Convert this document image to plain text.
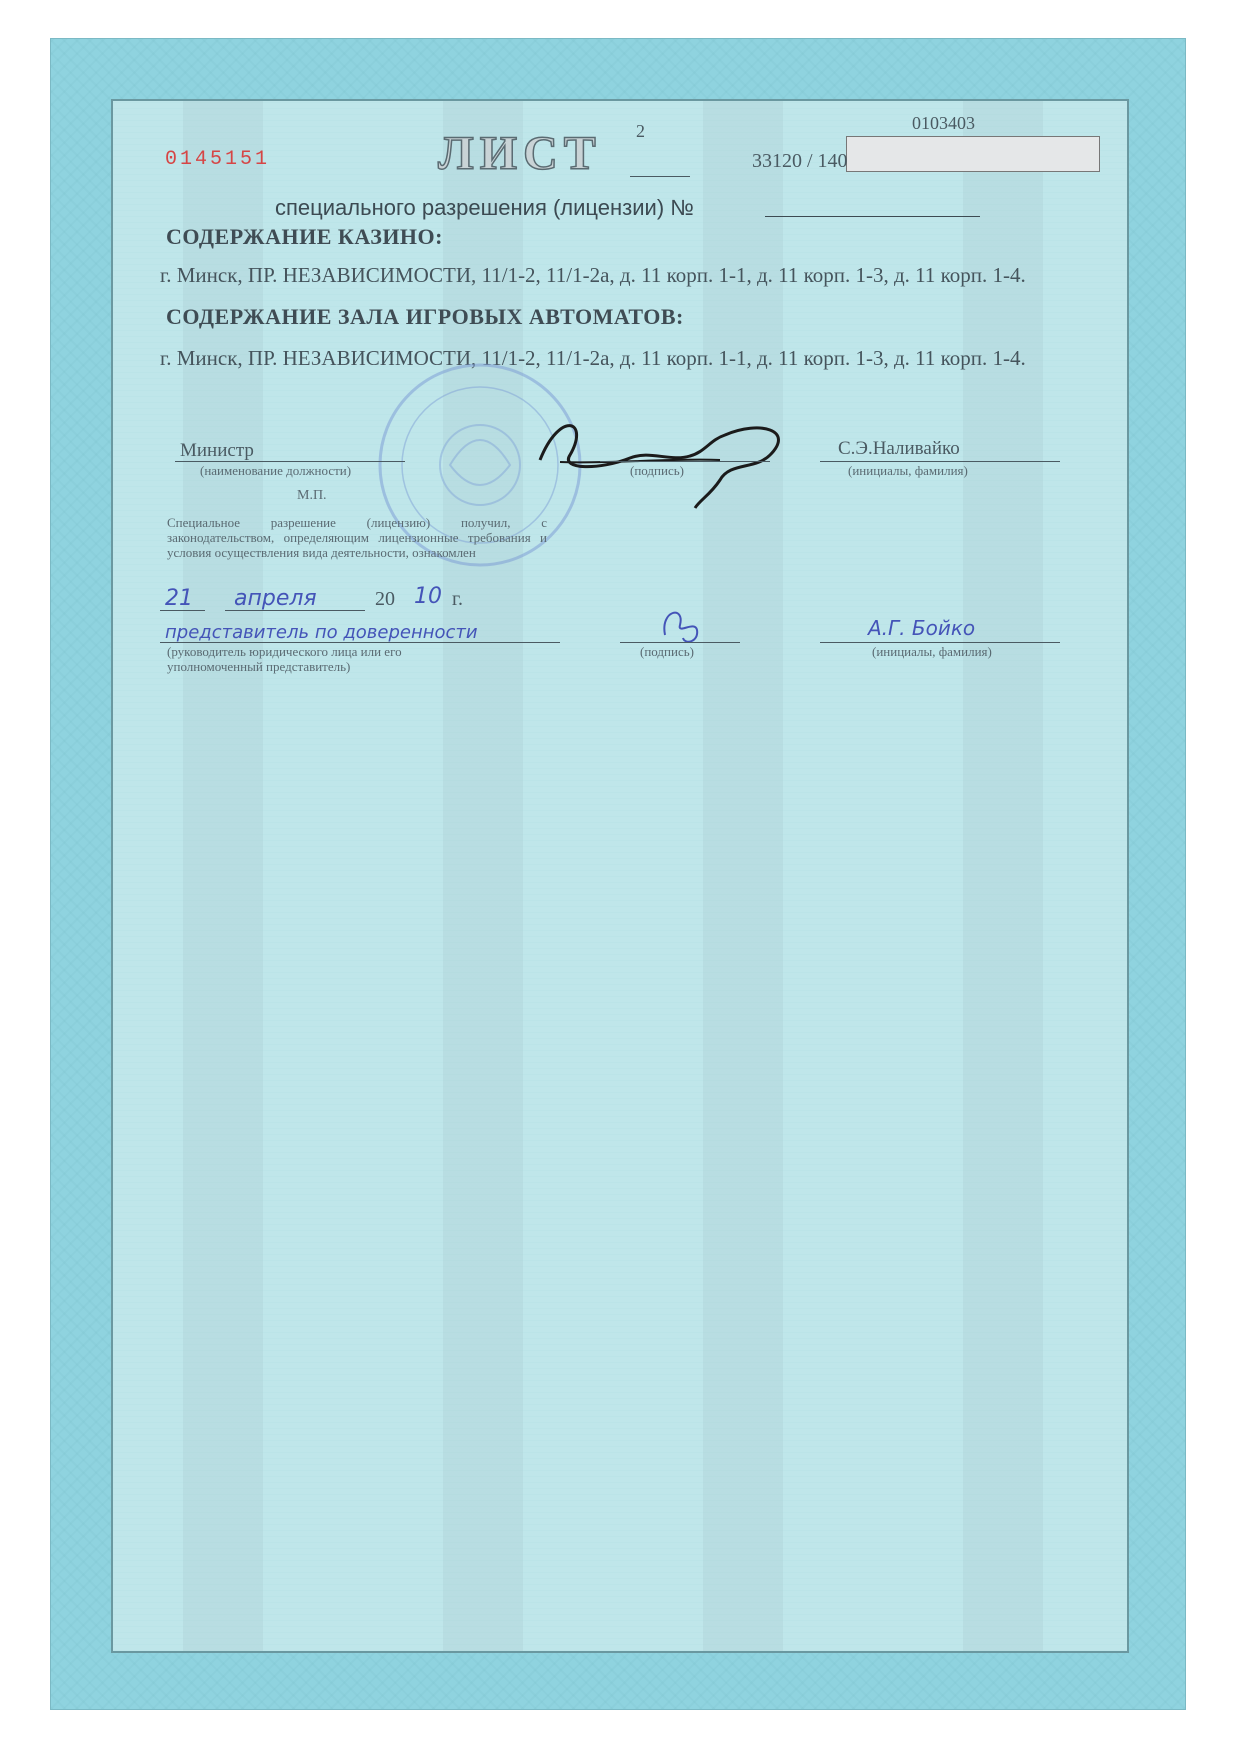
0145151	ЛИСТ 2	0103403
33120 / 140
специального разрешения (лицензии) №
СОДЕРЖАНИЕ КАЗИНО:
г. Минск, ПР. НЕЗАВИСИМОСТИ, 11/1-2, 11/1-2а, д. 11 корп. 1-1, д. 11 корп. 1-3, д. 11 корп. 1-4.
СОДЕРЖАНИЕ ЗАЛА ИГРОВЫХ АВТОМАТОВ:
г. Минск, ПР. НЕЗАВИСИМОСТИ, 11/1-2, 11/1-2а, д. 11 корп. 1-1, д. 11 корп. 1-3, д. 11 корп. 1-4.
Министр
(наименование должности)	(подпись)
С.Э.Наливайко
(инициалы, фамилия)
М.П.
Специальное разрешение (лицензию) получил, с законодательством, определяющим лицензионные требования и условия осуществления вида деятельности, ознакомлен
21 апреля	20 10 г.
представитель по доверенности
(руководитель юридического лица или его уполномоченный представитель)
(подпись)
А.Г. Бойко
(инициалы, фамилия)
